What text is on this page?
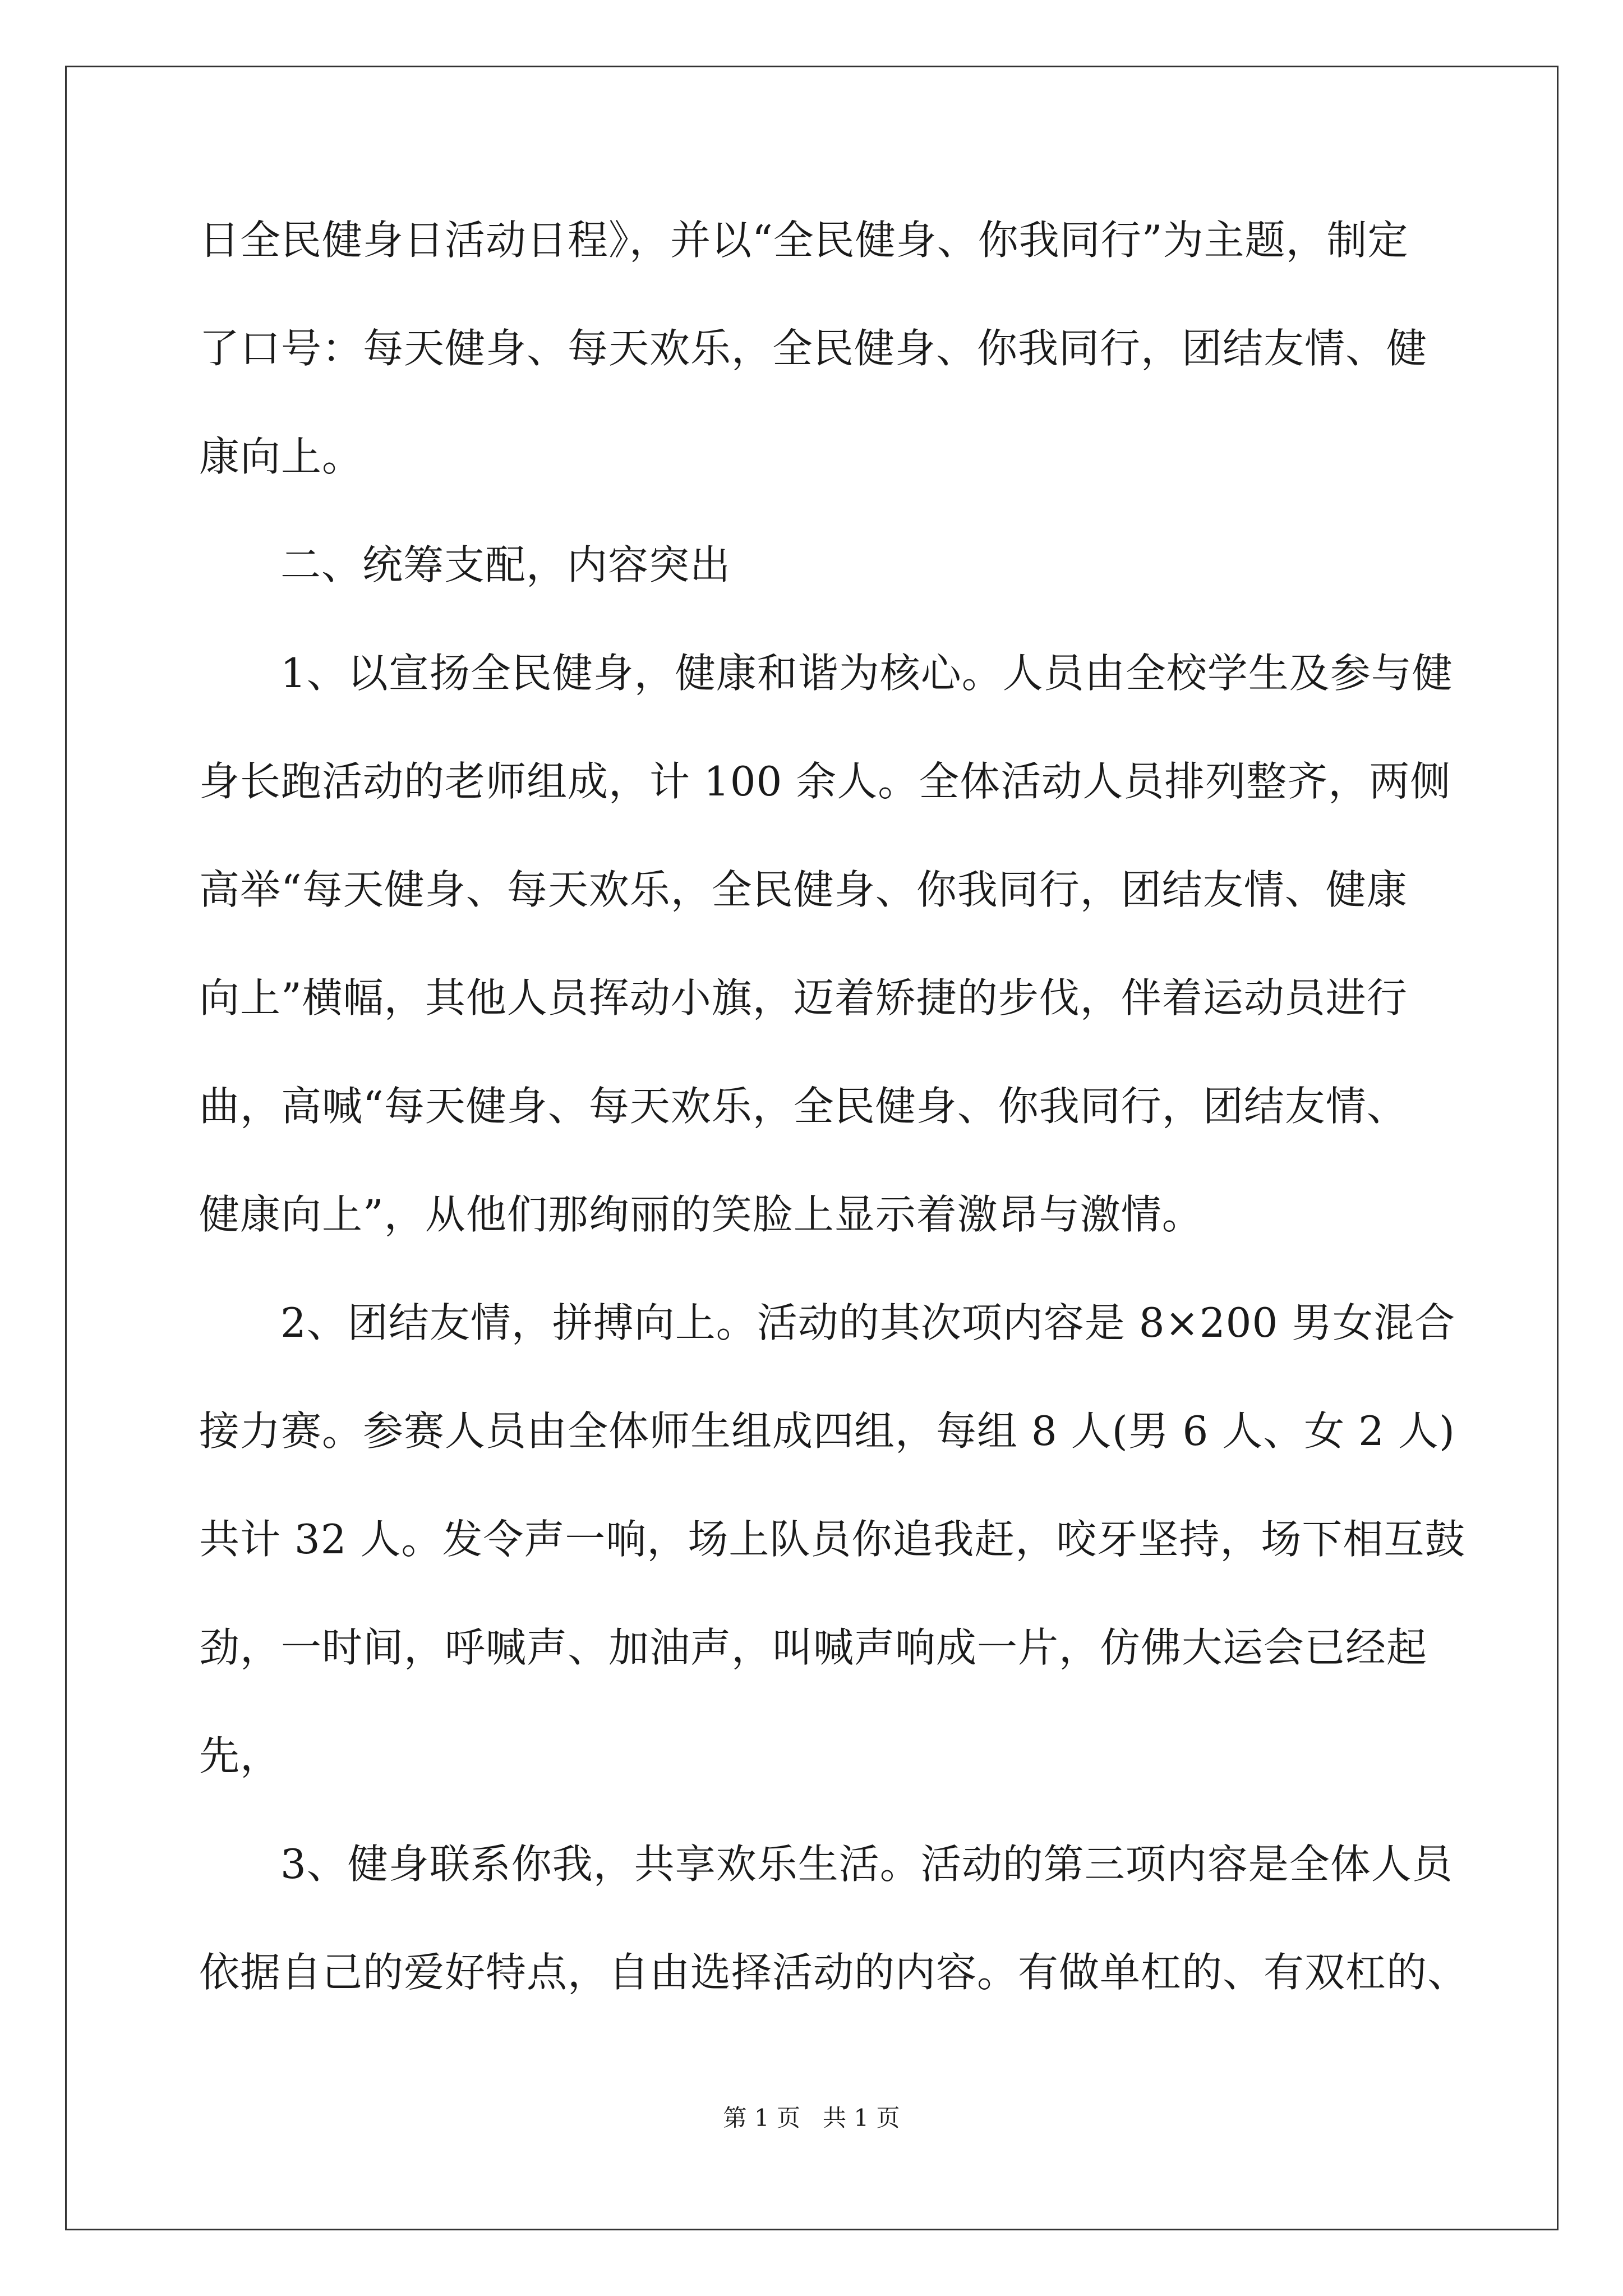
日全民健身日活动日程》，并以“全民健身、你我同行”为主题，制定
了口号：每天健身、每天欢乐，全民健身、你我同行，团结友情、健
康向上。
二、统筹支配，内容突出
1、以宣扬全民健身，健康和谐为核心。人员由全校学生及参与健
身长跑活动的老师组成，计 100 余人。全体活动人员排列整齐，两侧
高举“每天健身、每天欢乐，全民健身、你我同行，团结友情、健康
向上”横幅，其他人员挥动小旗，迈着矫捷的步伐，伴着运动员进行
曲，高喊“每天健身、每天欢乐，全民健身、你我同行，团结友情、
健康向上”，从他们那绚丽的笑脸上显示着激昂与激情。
2、团结友情，拼搏向上。活动的其次项内容是 8×200 男女混合
接力赛。参赛人员由全体师生组成四组，每组 8 人(男 6 人、女 2 人)
共计 32 人。发令声一响，场上队员你追我赶，咬牙坚持，场下相互鼓
劲，一时间，呼喊声、加油声，叫喊声响成一片，仿佛大运会已经起
先，
3、健身联系你我，共享欢乐生活。活动的第三项内容是全体人员
依据自己的爱好特点，自由选择活动的内容。有做单杠的、有双杠的、
第 1 页   共 1 页
